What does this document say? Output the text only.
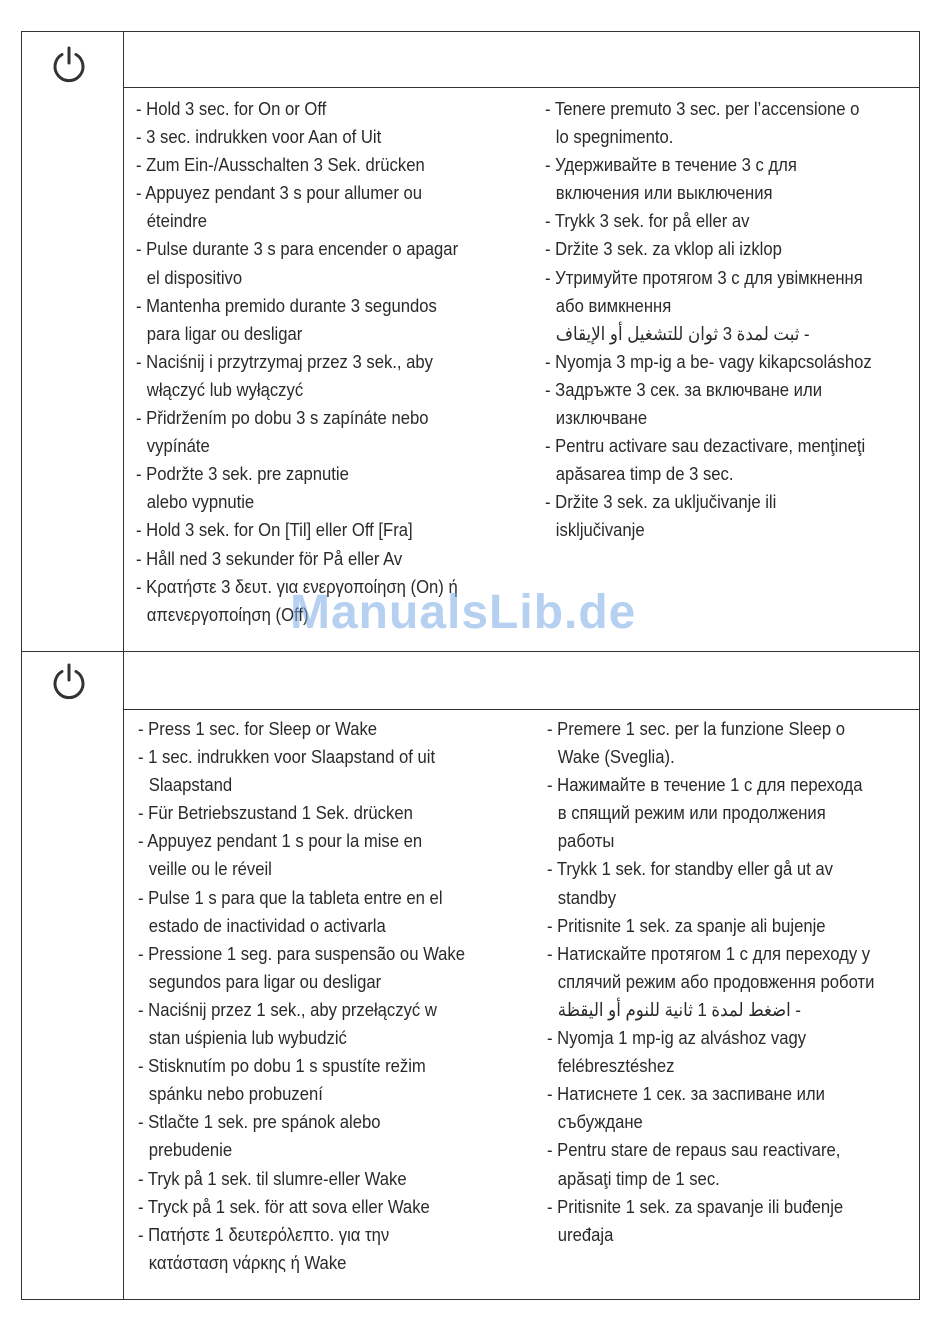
- Hold 3 sec. for On or Off
- 3 sec. indrukken voor Aan of Uit
- Zum Ein-/Ausschalten 3 Sek. drücken
- Appuyez pendant 3 s pour allumer ou
éteindre
- Pulse durante 3 s para encender o apagar
el dispositivo
- Mantenha premido durante 3 segundos
para ligar ou desligar
- Naciśnij i przytrzymaj przez 3 sek., aby
włączyć lub wyłączyć
- Přidržením po dobu 3 s zapínáte nebo
vypínáte
- Podržte 3 sek. pre zapnutie
alebo vypnutie
- Hold 3 sek. for On [Til] eller Off [Fra]
- Håll ned 3 sekunder för På eller Av
- Κρατήστε 3 δευτ. για ενεργοποίηση (On) ή
απενεργοποίηση (Off)
- Tenere premuto 3 sec. per l’accensione o
lo spegnimento.
- Удерживайте в течение 3 с для
включения или выключения
- Trykk 3 sek. for på eller av
- Držite 3 sek. za vklop ali izklop
- Утримуйте протягом 3 с для увімкнення
або вимкнення
- ثبت لمدة 3 ثوان للتشغيل أو الإيقاف
- Nyomja 3 mp-ig a be- vagy kikapcsoláshoz
- Задръжте 3 сек. за включване или
изключване
- Pentru activare sau dezactivare, menţineţi
apăsarea timp de 3 sec.
- Držite 3 sek. za uključivanje ili
isključivanje
- Press 1 sec. for Sleep or Wake
- 1 sec. indrukken voor Slaapstand of uit
Slaapstand
- Für Betriebszustand 1 Sek. drücken
- Appuyez pendant 1 s pour la mise en
veille ou le réveil
- Pulse 1 s para que la tableta entre en el
estado de inactividad o activarla
- Pressione 1 seg. para suspensão ou Wake
segundos para ligar ou desligar
- Naciśnij przez 1 sek., aby przełączyć w
stan uśpienia lub wybudzić
- Stisknutím po dobu 1 s spustíte režim
spánku nebo probuzení
- Stlačte 1 sek. pre spánok alebo
prebudenie
- Tryk på 1 sek. til slumre-eller Wake
- Tryck på 1 sek. för att sova eller Wake
- Πατήστε 1 δευτερόλεπτο. για την
κατάσταση νάρκης ή Wake
- Premere 1 sec. per la funzione Sleep o
Wake (Sveglia).
- Нажимайте в течение 1 с для перехода
в спящий режим или продолжения
работы
- Trykk 1 sek. for standby eller gå ut av
standby
- Pritisnite 1 sek. za spanje ali bujenje
- Натискайте протягом 1 с для переходу у
сплячий режим або продовження роботи
- اضغط لمدة 1 ثانية للنوم أو اليقظة
- Nyomja 1 mp-ig az alváshoz vagy
felébresztéshez
- Натиснете 1 сек. за заспиване или
събуждане
- Pentru stare de repaus sau reactivare,
apăsaţi timp de 1 sec.
- Pritisnite 1 sek. za spavanje ili buđenje
uređaja
ManualsLib.de
